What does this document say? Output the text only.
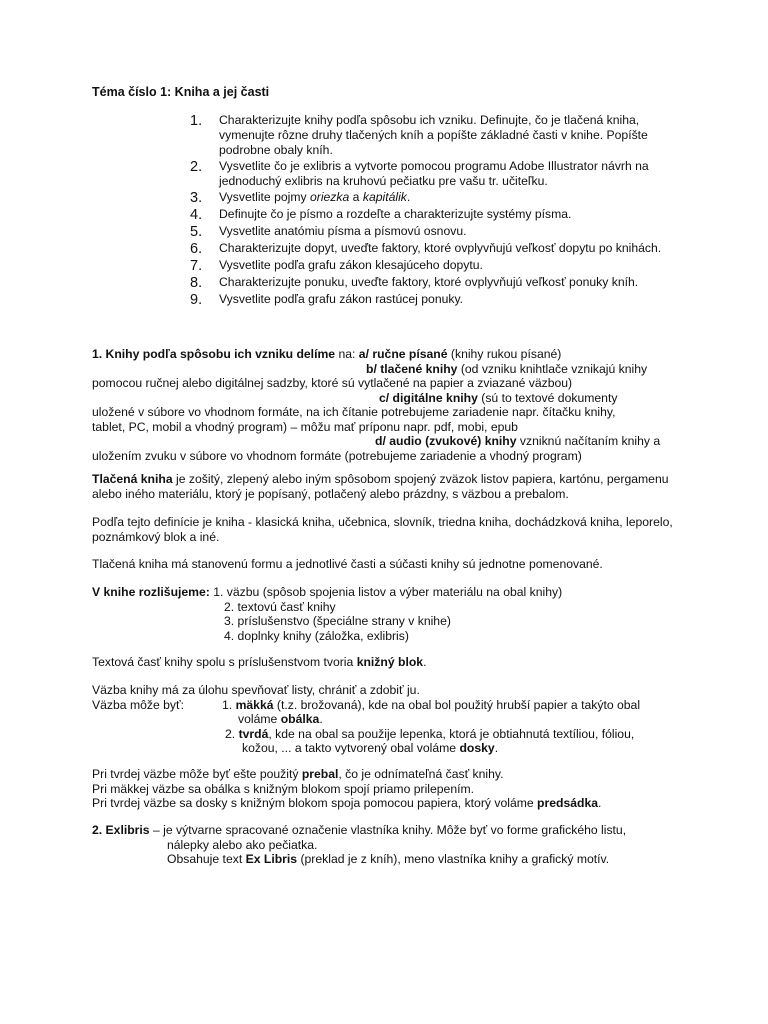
Téma číslo 1: Kniha a jej časti
1.	Charakterizujte knihy podľa spôsobu ich vzniku. Definujte, čo je tlačená kniha, vymenujte rôzne druhy tlačených kníh a popíšte základné časti v knihe. Popíšte podrobne obaly kníh.
2.	Vysvetlite čo je exlibris a vytvorte pomocou programu Adobe Illustrator návrh na jednoduchý exlibris na kruhovú pečiatku pre vašu tr. učiteľku.
3.	Vysvetlite pojmy oriezka a kapitálik.
4.	Definujte čo je písmo a rozdeľte a charakterizujte systémy písma.
5.	Vysvetlite anatómiu písma a písmovú osnovu.
6.	Charakterizujte dopyt, uveďte faktory, ktoré ovplyvňujú veľkosť dopytu po knihách.
7.	Vysvetlite podľa grafu zákon klesajúceho dopytu.
8.	Charakterizujte ponuku, uveďte faktory, ktoré ovplyvňujú veľkosť ponuky kníh.
9.	Vysvetlite podľa grafu zákon rastúcej ponuky.
1. Knihy podľa spôsobu ich vzniku delíme na: a/ ručne písané (knihy rukou písané)
b/ tlačené knihy (od vzniku knihtlače vznikajú knihy
pomocou ručnej alebo digitálnej sadzby, ktoré sú vytlačené na papier a zviazané väzbou)
c/ digitálne knihy (sú to textové dokumenty
uložené v súbore vo vhodnom formáte, na ich čítanie potrebujeme zariadenie napr. čítačku knihy,
tablet, PC, mobil a vhodný program) – môžu mať príponu napr. pdf, mobi, epub
d/ audio (zvukové) knihy vzniknú načítaním knihy a
uložením zvuku v súbore vo vhodnom formáte (potrebujeme zariadenie a vhodný program)
Tlačená kniha je zošitý, zlepený alebo iným spôsobom spojený zväzok listov papiera, kartónu, pergamenu alebo iného materiálu, ktorý je popísaný, potlačený alebo prázdny, s väzbou a prebalom.
Podľa tejto definície je kniha - klasická kniha, učebnica, slovník, triedna kniha, dochádzková kniha, leporelo, poznámkový blok a iné.
Tlačená kniha má stanovenú formu a jednotlivé časti a súčasti knihy sú jednotne pomenované.
V knihe rozlišujeme: 1. väzbu (spôsob spojenia listov a výber materiálu na obal knihy)
2. textovú časť knihy
3. príslušenstvo (špeciálne strany v knihe)
4. doplnky knihy (záložka, exlibris)
Textová časť knihy spolu s príslušenstvom tvoria knižný blok.
Väzba knihy má za úlohu spevňovať listy, chrániť a zdobiť ju.
Väzba môže byť:	1. mäkká (t.z. brožovaná), kde na obal bol použitý hrubší papier a takýto obal
voláme obálka.
2. tvrdá, kde na obal sa použije lepenka, ktorá je obtiahnutá textíliou, fóliou,
kožou, ... a takto vytvorený obal voláme dosky.
Pri tvrdej väzbe môže byť ešte použitý prebal, čo je odnímateľná časť knihy.
Pri mäkkej väzbe sa obálka s knižným blokom spojí priamo prilepením.
Pri tvrdej väzbe sa dosky s knižným blokom spoja pomocou papiera, ktorý voláme predsádka.
2. Exlibris – je výtvarne spracované označenie vlastníka knihy. Môže byť vo forme grafického listu,
nálepky alebo ako pečiatka.
Obsahuje text Ex Libris (preklad je z kníh), meno vlastníka knihy a grafický motív.
